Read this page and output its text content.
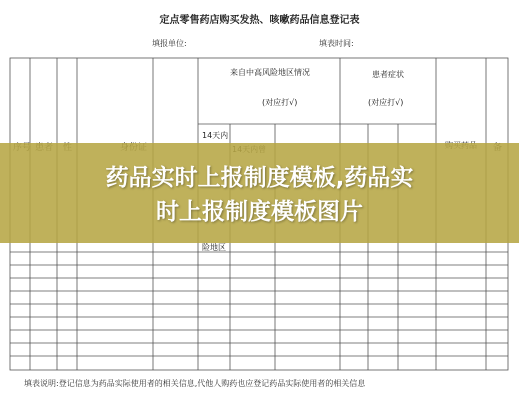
定点零售药店购买发热、咳嗽药品信息登记表
填报单位:	填表时间:
来自中高风险地区情况
(对应打√)
患者症状
(对应打√)
14天内
药品实时上报制度模板,药品实
时上报制度模板图片
险地区
填表说明:登记信息为药品实际使用者的相关信息,代他人购药也应登记药品实际使用者的相关信息
